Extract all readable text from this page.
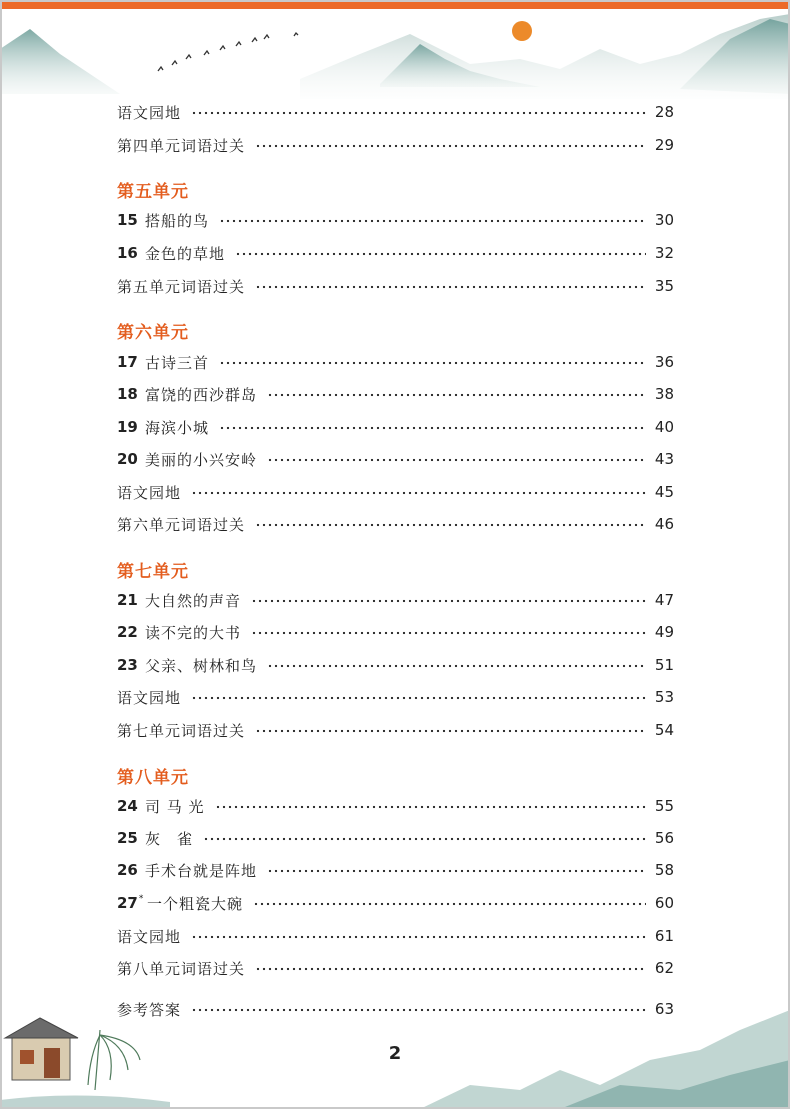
语文园地	28
第四单元词语过关	29
第五单元
15 搭船的鸟	30
16 金色的草地	32
第五单元词语过关	35
第六单元
17 古诗三首	36
18 富饶的西沙群岛	38
19 海滨小城	40
20 美丽的小兴安岭	43
语文园地	45
第六单元词语过关	46
第七单元
21 大自然的声音	47
22 读不完的大书	49
23 父亲、树林和鸟	51
语文园地	53
第七单元词语过关	54
第八单元
24 司 马 光	55
25 灰　雀	56
26 手术台就是阵地	58
27* 一个粗瓷大碗	60
语文园地	61
第八单元词语过关	62
参考答案	63
2
